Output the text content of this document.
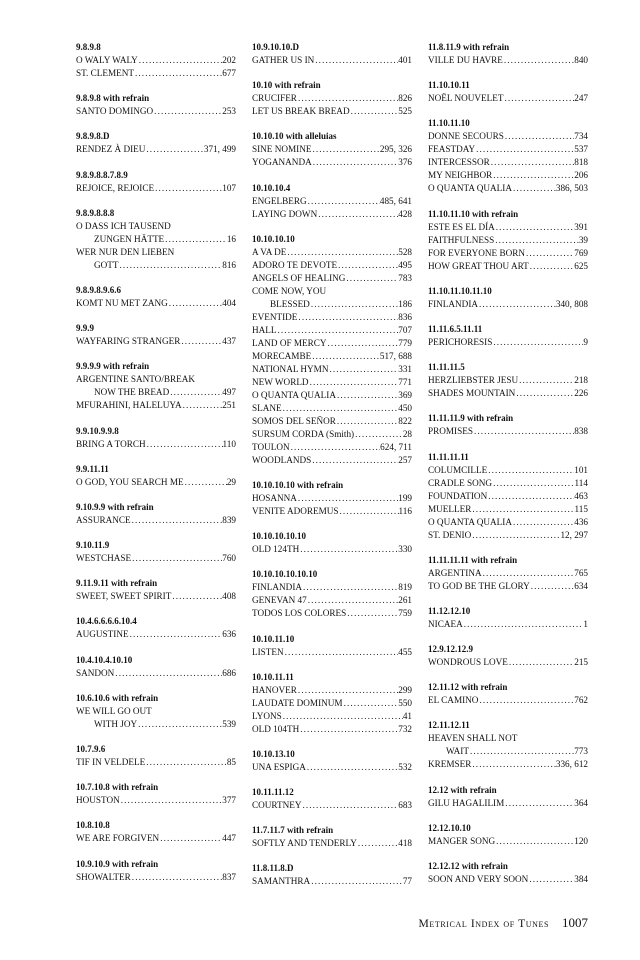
9.8.9.8
O WALY WALY .....	202
ST. CLEMENT .....	677
9.8.9.8 with refrain
SANTO DOMINGO .....	253
9.8.9.8.D
RENDEZ À DIEU .....	371, 499
9.8.9.8.8.7.8.9
REJOICE, REJOICE .....	107
9.8.9.8.8.8
O DASS ICH TAUSEND
ZUNGEN HÄTTE .....	16
WER NUR DEN LIEBEN
GOTT .....	816
9.8.9.8.9.6.6
KOMT NU MET ZANG .....	404
9.9.9
WAYFARING STRANGER .....	437
9.9.9.9 with refrain
ARGENTINE SANTO/BREAK
NOW THE BREAD .....	497
MFURAHINI, HALELUYA .....	251
9.9.10.9.9.8
BRING A TORCH .....	110
9.9.11.11
O GOD, YOU SEARCH ME .....	29
9.10.9.9 with refrain
ASSURANCE .....	839
9.10.11.9
WESTCHASE .....	760
9.11.9.11 with refrain
SWEET, SWEET SPIRIT .....	408
10.4.6.6.6.6.10.4
AUGUSTINE .....	636
10.4.10.4.10.10
SANDON .....	686
10.6.10.6 with refrain
WE WILL GO OUT
WITH JOY .....	539
10.7.9.6
TIF IN VELDELE .....	85
10.7.10.8 with refrain
HOUSTON .....	377
10.8.10.8
WE ARE FORGIVEN .....	447
10.9.10.9 with refrain
SHOWALTER .....	837
10.9.10.10.D
GATHER US IN .....	401
10.10 with refrain
CRUCIFER .....	826
LET US BREAK BREAD .....	525
10.10.10 with alleluias
SINE NOMINE .....	295, 326
YOGANANDA .....	376
10.10.10.4
ENGELBERG .....	485, 641
LAYING DOWN .....	428
10.10.10.10
A VA DE .....	528
ADORO TE DEVOTE .....	495
ANGELS OF HEALING .....	783
COME NOW, YOU
BLESSED .....	186
EVENTIDE .....	836
HALL .....	707
LAND OF MERCY .....	779
MORECAMBE .....	517, 688
NATIONAL HYMN .....	331
NEW WORLD .....	771
O QUANTA QUALIA .....	369
SLANE .....	450
SOMOS DEL SEÑOR .....	822
SURSUM CORDA (Smith) .....	28
TOULON .....	624, 711
WOODLANDS .....	257
10.10.10.10 with refrain
HOSANNA .....	199
VENITE ADOREMUS .....	116
10.10.10.10.10
OLD 124TH .....	330
10.10.10.10.10.10
FINLANDIA .....	819
GENEVAN 47 .....	261
TODOS LOS COLORES .....	759
10.10.11.10
LISTEN .....	455
10.10.11.11
HANOVER .....	299
LAUDATE DOMINUM .....	550
LYONS .....	41
OLD 104TH .....	732
10.10.13.10
UNA ESPIGA .....	532
10.11.11.12
COURTNEY .....	683
11.7.11.7 with refrain
SOFTLY AND TENDERLY .....	418
11.8.11.8.D
SAMANTHRA .....	77
11.8.11.9 with refrain
VILLE DU HAVRE .....	840
11.10.10.11
NOËL NOUVELET .....	247
11.10.11.10
DONNE SECOURS .....	734
FEASTDAY .....	537
INTERCESSOR .....	818
MY NEIGHBOR .....	206
O QUANTA QUALIA .....	386, 503
11.10.11.10 with refrain
ESTE ES EL DÍA .....	391
FAITHFULNESS .....	39
FOR EVERYONE BORN .....	769
HOW GREAT THOU ART .....	625
11.10.11.10.11.10
FINLANDIA .....	340, 808
11.11.6.5.11.11
PERICHORESIS .....	9
11.11.11.5
HERZLIEBSTER JESU .....	218
SHADES MOUNTAIN .....	226
11.11.11.9 with refrain
PROMISES .....	838
11.11.11.11
COLUMCILLE .....	101
CRADLE SONG .....	114
FOUNDATION .....	463
MUELLER .....	115
O QUANTA QUALIA .....	436
ST. DENIO .....	12, 297
11.11.11.11 with refrain
ARGENTINA .....	765
TO GOD BE THE GLORY .....	634
11.12.12.10
NICAEA .....	1
12.9.12.12.9
WONDROUS LOVE .....	215
12.11.12 with refrain
EL CAMINO .....	762
12.11.12.11
HEAVEN SHALL NOT
WAIT .....	773
KREMSER .....	336, 612
12.12 with refrain
GILU HAGALILIM .....	364
12.12.10.10
MANGER SONG .....	120
12.12.12 with refrain
SOON AND VERY SOON .....	384
Metrical Index of Tunes 1007
